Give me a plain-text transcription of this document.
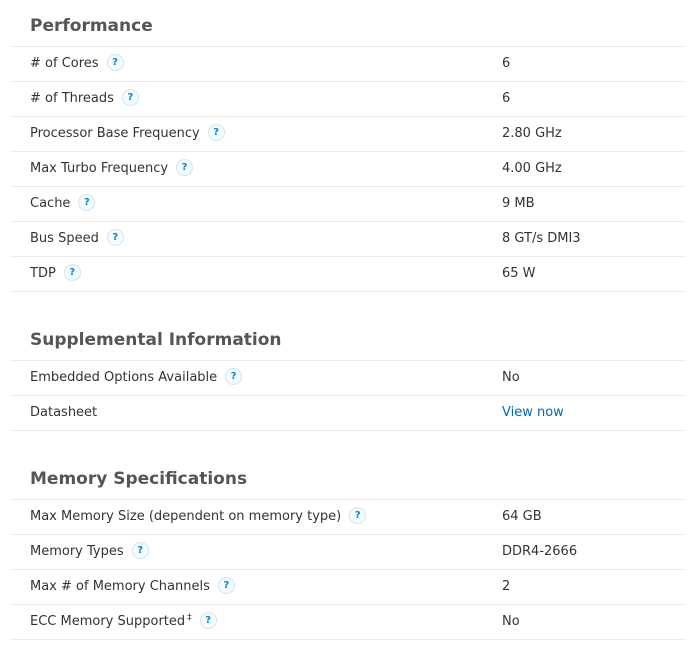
Performance
# of Cores ?	6
# of Threads ?	6
Processor Base Frequency ?	2.80 GHz
Max Turbo Frequency ?	4.00 GHz
Cache ?	9 MB
Bus Speed ?	8 GT/s DMI3
TDP ?	65 W
Supplemental Information
Embedded Options Available ?	No
Datasheet	View now
Memory Specifications
Max Memory Size (dependent on memory type) ?	64 GB
Memory Types ?	DDR4-2666
Max # of Memory Channels ?	2
ECC Memory Supported ‡ ?	No
